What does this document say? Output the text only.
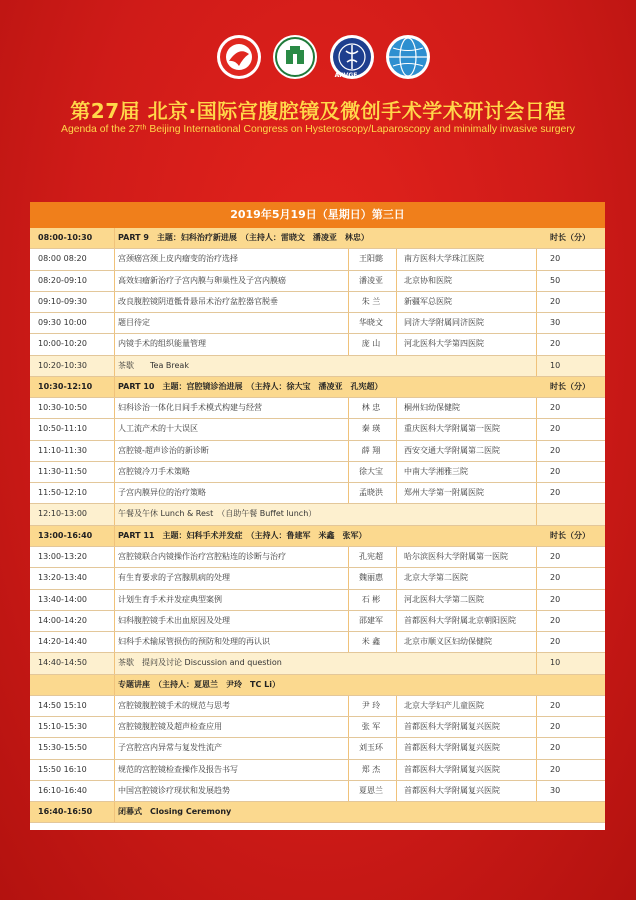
APVGE
第27届 北京·国际宫腹腔镜及微创手术学术研讨会日程
Agenda of the 27ᵗʰ Beijing International Congress on Hysteroscopy/Laparoscopy and minimally invasive surgery
2019年5月19日（星期日）第三日
08:00-10:30	PART 9　主题：妇科治疗新进展　（主持人：雷晓文　潘凌亚　林忠）	时长（分）
08:00 08:20	宫颈癌宫颈上皮内瘤变的治疗选择	王阳懿	南方医科大学珠江医院	20
08:20-09:10	高效妇瘤新治疗子宫内膜与卵巢性及子宫内膜癌	潘凌亚	北京协和医院	50
09:10-09:30	改良腹腔镜阴道骶骨悬吊术治疗盆腔器官脱垂	朱 兰	新疆军总医院	20
09:30 10:00	题目待定	华晓文	同济大学附属同济医院	30
10:00-10:20	内镜手术的组织能量管理	庞 山	河北医科大学第四医院	20
10:20-10:30	茶歇　　Tea Break	10
10:30-12:10	PART 10　主题：宫腔镜诊治进展　（主持人：徐大宝　潘凌亚　孔宪超）	时长（分）
10:30-10:50	妇科诊治一体化日间手术模式构建与经营	林 忠	桐州妇幼保健院	20
10:50-11:10	人工流产术的十大误区	秦 瑛	重庆医科大学附属第一医院	20
11:10-11:30	宫腔镜-超声诊治的新诊断	薛 翔	西安交通大学附属第二医院	20
11:30-11:50	宫腔镜冷刀手术策略	徐大宝	中南大学湘雅三院	20
11:50-12:10	子宫内膜异位的治疗策略	孟晓洪	郑州大学第一附属医院	20
12:10-13:00	午餐及午休 Lunch & Rest　（自助午餐 Buffet lunch）
13:00-16:40	PART 11　主题：妇科手术并发症　（主持人：鲁建军　米鑫　张军）	时长（分）
13:00-13:20	宫腔镜联合内镜操作治疗宫腔粘连的诊断与治疗	孔宪超	哈尔滨医科大学附属第一医院	20
13:20-13:40	有生育要求的子宫腺肌病的处理	魏丽惠	北京大学第二医院	20
13:40-14:00	计划生育手术并发症典型案例	石 彬	河北医科大学第二医院	20
14:00-14:20	妇科腹腔镜手术出血原因及处理	邵建军	首都医科大学附属北京朝阳医院	20
14:20-14:40	妇科手术输尿管损伤的预防和处理的再认识	米 鑫	北京市顺义区妇幼保健院	20
14:40-14:50	茶歇　提问及讨论 Discussion and question	10
专题讲座　（主持人：夏恩兰　尹玲　TC Li）
14:50 15:10	宫腔镜腹腔镜手术的规范与思考	尹 玲	北京大学妇产儿童医院	20
15:10-15:30	宫腔镜腹腔镜及超声检查应用	张 军	首都医科大学附属复兴医院	20
15:30-15:50	子宫腔宫内异常与复发性流产	刘玉环	首都医科大学附属复兴医院	20
15:50 16:10	规范的宫腔镜检查操作及报告书写	郑 杰	首都医科大学附属复兴医院	20
16:10-16:40	中国宫腔镜诊疗现状和发展趋势	夏恩兰	首都医科大学附属复兴医院	30
16:40-16:50	闭幕式　Closing Ceremony
